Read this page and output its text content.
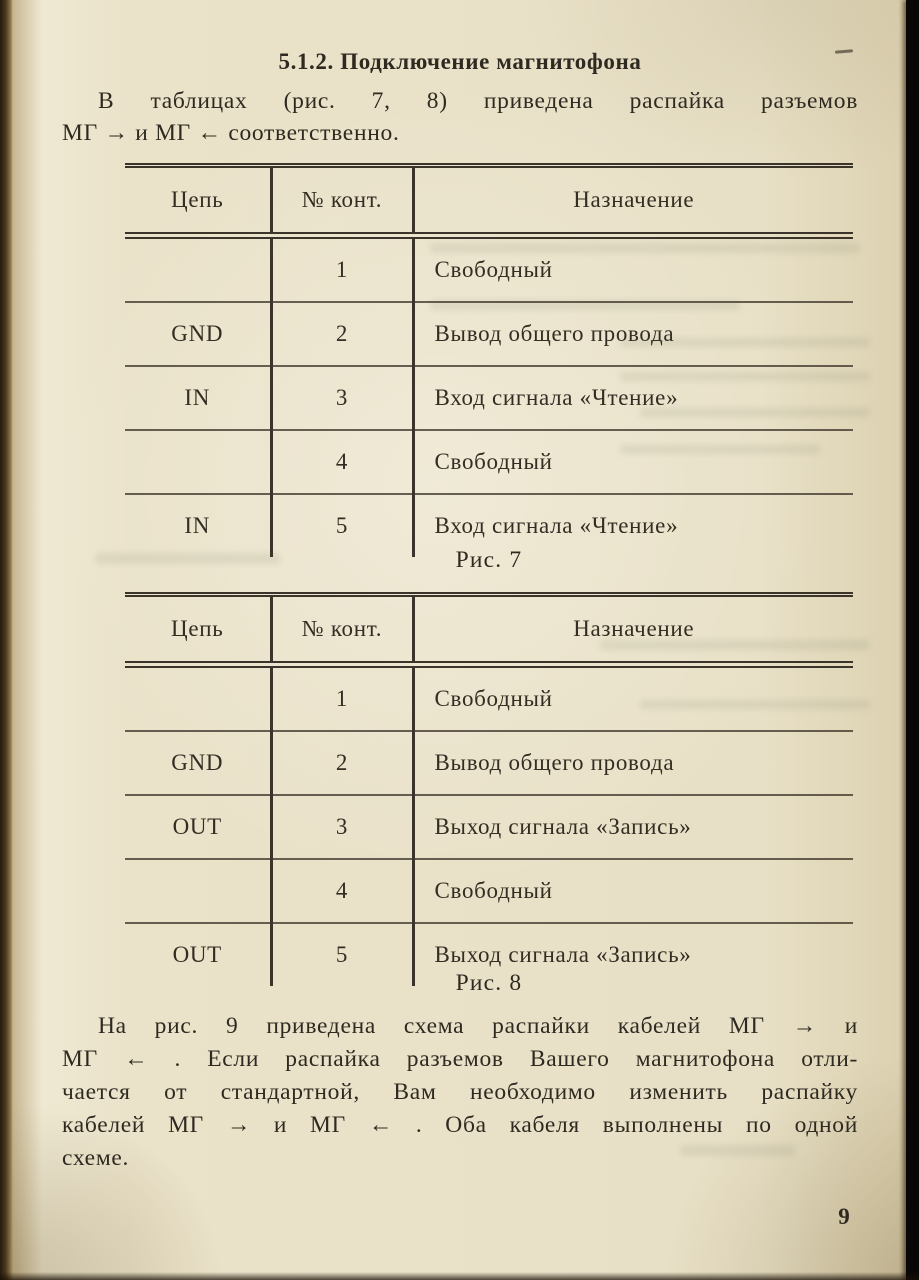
5.1.2. Подключение магнитофона
В таблицах (рис. 7, 8) приведена распайка разъемов
МГ → и МГ ← соответственно.
Цепь	№ конт.	Назначение
	1	Свободный
GND	2	Вывод общего провода
IN	3	Вход сигнала «Чтение»
	4	Свободный
IN	5	Вход сигнала «Чтение»
Рис. 7
Цепь	№ конт.	Назначение
	1	Свободный
GND	2	Вывод общего провода
OUT	3	Выход сигнала «Запись»
	4	Свободный
OUT	5	Выход сигнала «Запись»
Рис. 8
На рис. 9 приведена схема распайки кабелей МГ → и
МГ ← . Если распайка разъемов Вашего магнитофона отли-
чается от стандартной, Вам необходимо изменить распайку
кабелей МГ → и МГ ← . Оба кабеля выполнены по одной
схеме.
9
